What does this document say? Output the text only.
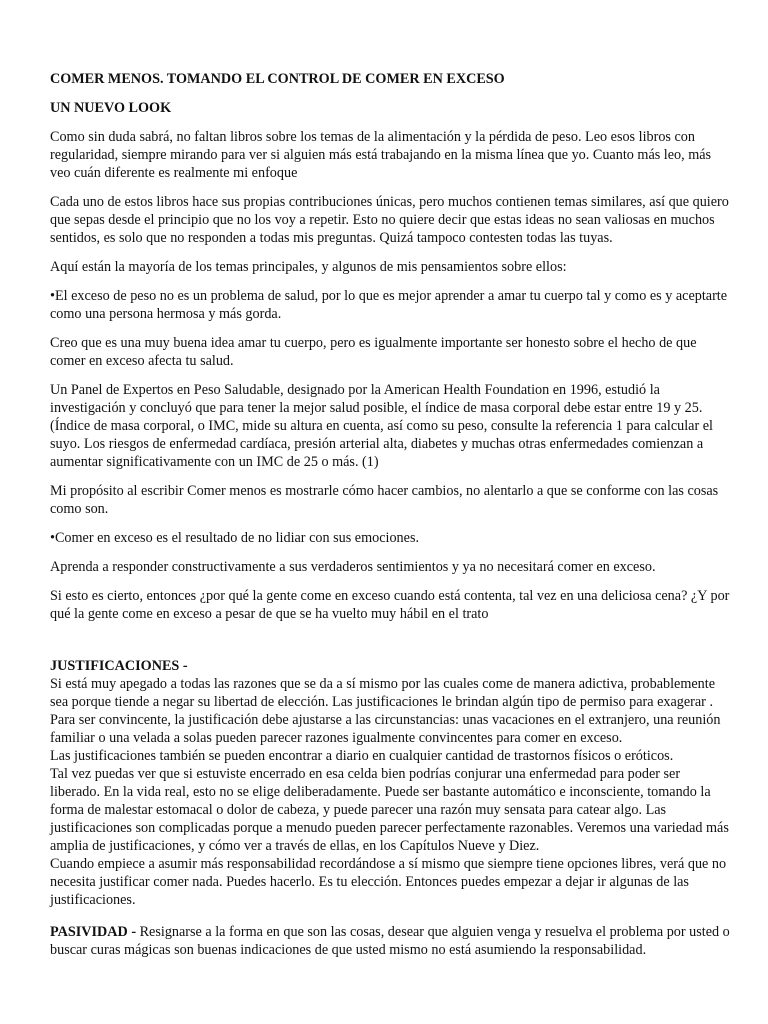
COMER MENOS. TOMANDO EL CONTROL DE COMER EN EXCESO

UN NUEVO LOOK

Como sin duda sabrá, no faltan libros sobre los temas de la alimentación y la pérdida de peso. Leo esos libros con regularidad, siempre mirando para ver si alguien más está trabajando en la misma línea que yo. Cuanto más leo, más veo cuán diferente es realmente mi enfoque

Cada uno de estos libros hace sus propias contribuciones únicas, pero muchos contienen temas similares, así que quiero que sepas desde el principio que no los voy a repetir. Esto no quiere decir que estas ideas no sean valiosas en muchos sentidos, es solo que no responden a todas mis preguntas. Quizá tampoco contesten todas las tuyas.

Aquí están la mayoría de los temas principales, y algunos de mis pensamientos sobre ellos:

•El exceso de peso no es un problema de salud, por lo que es mejor aprender a amar tu cuerpo tal y como es y aceptarte como una persona hermosa y más gorda.

Creo que es una muy buena idea amar tu cuerpo, pero es igualmente importante ser honesto sobre el hecho de que comer en exceso afecta tu salud.

Un Panel de Expertos en Peso Saludable, designado por la American Health Foundation en 1996, estudió la investigación y concluyó que para tener la mejor salud posible, el índice de masa corporal debe estar entre 19 y 25. (Índice de masa corporal, o IMC, mide su altura en cuenta, así como su peso, consulte la referencia 1 para calcular el suyo. Los riesgos de enfermedad cardíaca, presión arterial alta, diabetes y muchas otras enfermedades comienzan a aumentar significativamente con un IMC de 25 o más. (1)

Mi propósito al escribir Comer menos es mostrarle cómo hacer cambios, no alentarlo a que se conforme con las cosas como son.

•Comer en exceso es el resultado de no lidiar con sus emociones.

Aprenda a responder constructivamente a sus verdaderos sentimientos y ya no necesitará comer en exceso.

Si esto es cierto, entonces ¿por qué la gente come en exceso cuando está contenta, tal vez en una deliciosa cena? ¿Y por qué la gente come en exceso a pesar de que se ha vuelto muy hábil en el trato

JUSTIFICACIONES -
Si está muy apegado a todas las razones que se da a sí mismo por las cuales come de manera adictiva, probablemente sea porque tiende a negar su libertad de elección. Las justificaciones le brindan algún tipo de permiso para exagerar . Para ser convincente, la justificación debe ajustarse a las circunstancias: unas vacaciones en el extranjero, una reunión familiar o una velada a solas pueden parecer razones igualmente convincentes para comer en exceso.
Las justificaciones también se pueden encontrar a diario en cualquier cantidad de trastornos físicos o eróticos.
Tal vez puedas ver que si estuviste encerrado en esa celda bien podrías conjurar una enfermedad para poder ser liberado. En la vida real, esto no se elige deliberadamente. Puede ser bastante automático e inconsciente, tomando la forma de malestar estomacal o dolor de cabeza, y puede parecer una razón muy sensata para catear algo. Las justificaciones son complicadas porque a menudo pueden parecer perfectamente razonables. Veremos una variedad más amplia de justificaciones, y cómo ver a través de ellas, en los Capítulos Nueve y Diez.
Cuando empiece a asumir más responsabilidad recordándose a sí mismo que siempre tiene opciones libres, verá que no necesita justificar comer nada. Puedes hacerlo. Es tu elección. Entonces puedes empezar a dejar ir algunas de las justificaciones.

PASIVIDAD - Resignarse a la forma en que son las cosas, desear que alguien venga y resuelva el problema por usted o buscar curas mágicas son buenas indicaciones de que usted mismo no está asumiendo la responsabilidad.
